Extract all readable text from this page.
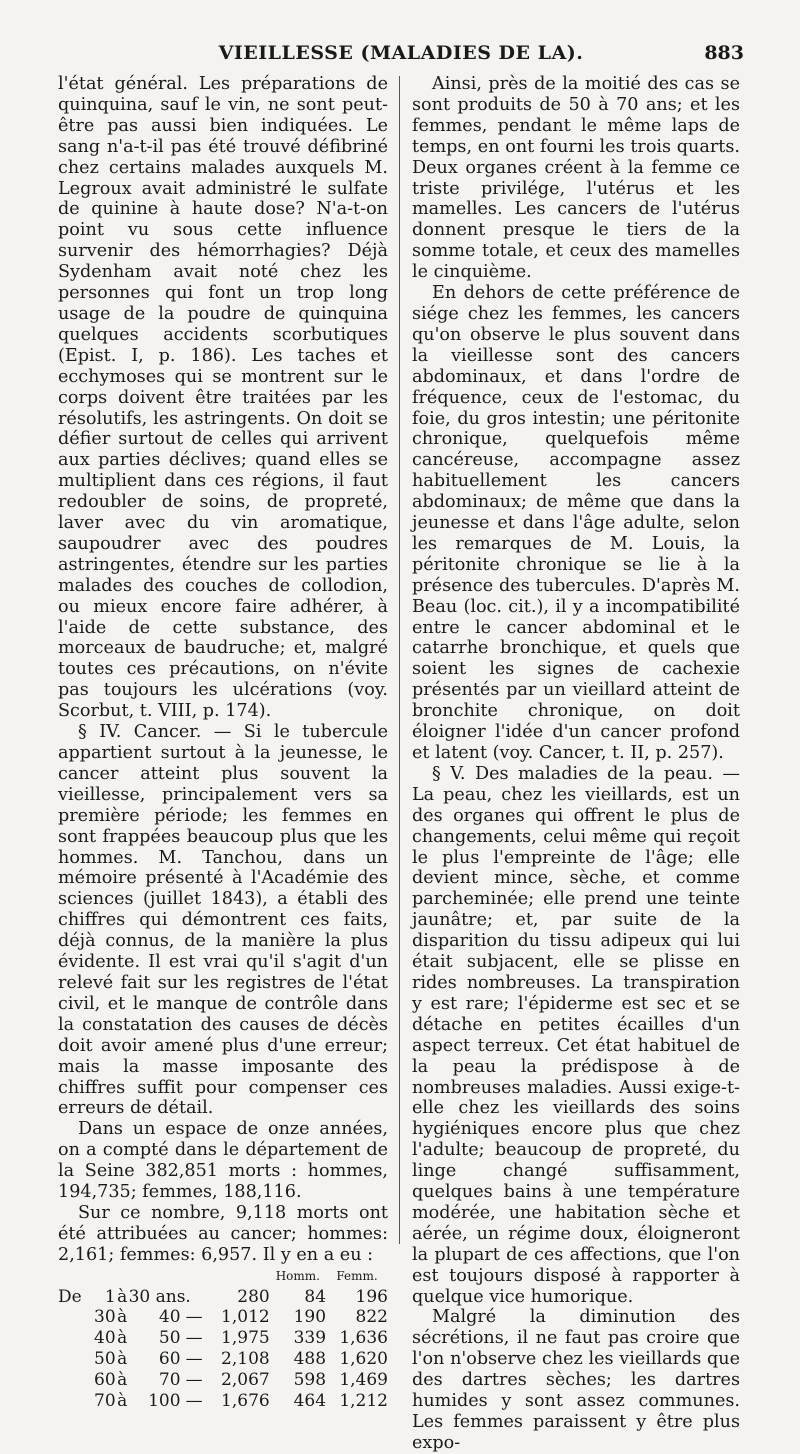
VIEILLESSE (MALADIES DE LA).	883

l'état général. Les préparations de quinquina, sauf le vin, ne sont peut-être pas aussi bien indiquées. Le sang n'a-t-il pas été trouvé défibriné chez certains malades auxquels M. Legroux avait administré le sulfate de quinine à haute dose? N'a-t-on point vu sous cette influence survenir des hémorrhagies? Déjà Sydenham avait noté chez les personnes qui font un trop long usage de la poudre de quinquina quelques accidents scorbutiques (Epist. I, p. 186). Les taches et ecchymoses qui se montrent sur le corps doivent être traitées par les résolutifs, les astringents. On doit se défier surtout de celles qui arrivent aux parties déclives; quand elles se multiplient dans ces régions, il faut redoubler de soins, de propreté, laver avec du vin aromatique, saupoudrer avec des poudres astringentes, étendre sur les parties malades des couches de collodion, ou mieux encore faire adhérer, à l'aide de cette substance, des morceaux de baudruche; et, malgré toutes ces précautions, on n'évite pas toujours les ulcérations (voy. Scorbut, t. VIII, p. 174).

§ IV. Cancer. — Si le tubercule appartient surtout à la jeunesse, le cancer atteint plus souvent la vieillesse, principalement vers sa première période; les femmes en sont frappées beaucoup plus que les hommes. M. Tanchou, dans un mémoire présenté à l'Académie des sciences (juillet 1843), a établi des chiffres qui démontrent ces faits, déjà connus, de la manière la plus évidente. Il est vrai qu'il s'agit d'un relevé fait sur les registres de l'état civil, et le manque de contrôle dans la constatation des causes de décès doit avoir amené plus d'une erreur; mais la masse imposante des chiffres suffit pour compenser ces erreurs de détail.

Dans un espace de onze années, on a compté dans le département de la Seine 382,851 morts : hommes, 194,735; femmes, 188,116.

Sur ce nombre, 9,118 morts ont été attribuées au cancer; hommes: 2,161; femmes: 6,957. Il y en a eu :

						Homm.	Femm.
De	1	à	30 ans.		280	84	196
	30	à	40	—	1,012	190	822
	40	à	50	—	1,975	339	1,636
	50	à	60	—	2,108	488	1,620
	60	à	70	—	2,067	598	1,469
	70	à	100	—	1,676	464	1,212

Ainsi, près de la moitié des cas se sont produits de 50 à 70 ans; et les femmes, pendant le même laps de temps, en ont fourni les trois quarts. Deux organes créent à la femme ce triste privilége, l'utérus et les mamelles. Les cancers de l'utérus donnent presque le tiers de la somme totale, et ceux des mamelles le cinquième.

En dehors de cette préférence de siége chez les femmes, les cancers qu'on observe le plus souvent dans la vieillesse sont des cancers abdominaux, et dans l'ordre de fréquence, ceux de l'estomac, du foie, du gros intestin; une péritonite chronique, quelquefois même cancéreuse, accompagne assez habituellement les cancers abdominaux; de même que dans la jeunesse et dans l'âge adulte, selon les remarques de M. Louis, la péritonite chronique se lie à la présence des tubercules. D'après M. Beau (loc. cit.), il y a incompatibilité entre le cancer abdominal et le catarrhe bronchique, et quels que soient les signes de cachexie présentés par un vieillard atteint de bronchite chronique, on doit éloigner l'idée d'un cancer profond et latent (voy. Cancer, t. II, p. 257).

§ V. Des maladies de la peau. — La peau, chez les vieillards, est un des organes qui offrent le plus de changements, celui même qui reçoit le plus l'empreinte de l'âge; elle devient mince, sèche, et comme parcheminée; elle prend une teinte jaunâtre; et, par suite de la disparition du tissu adipeux qui lui était subjacent, elle se plisse en rides nombreuses. La transpiration y est rare; l'épiderme est sec et se détache en petites écailles d'un aspect terreux. Cet état habituel de la peau la prédispose à de nombreuses maladies. Aussi exige-t-elle chez les vieillards des soins hygiéniques encore plus que chez l'adulte; beaucoup de propreté, du linge changé suffisamment, quelques bains à une température modérée, une habitation sèche et aérée, un régime doux, éloigneront la plupart de ces affections, que l'on est toujours disposé à rapporter à quelque vice humorique.

Malgré la diminution des sécrétions, il ne faut pas croire que l'on n'observe chez les vieillards que des dartres sèches; les dartres humides y sont assez communes. Les femmes paraissent y être plus expo-
